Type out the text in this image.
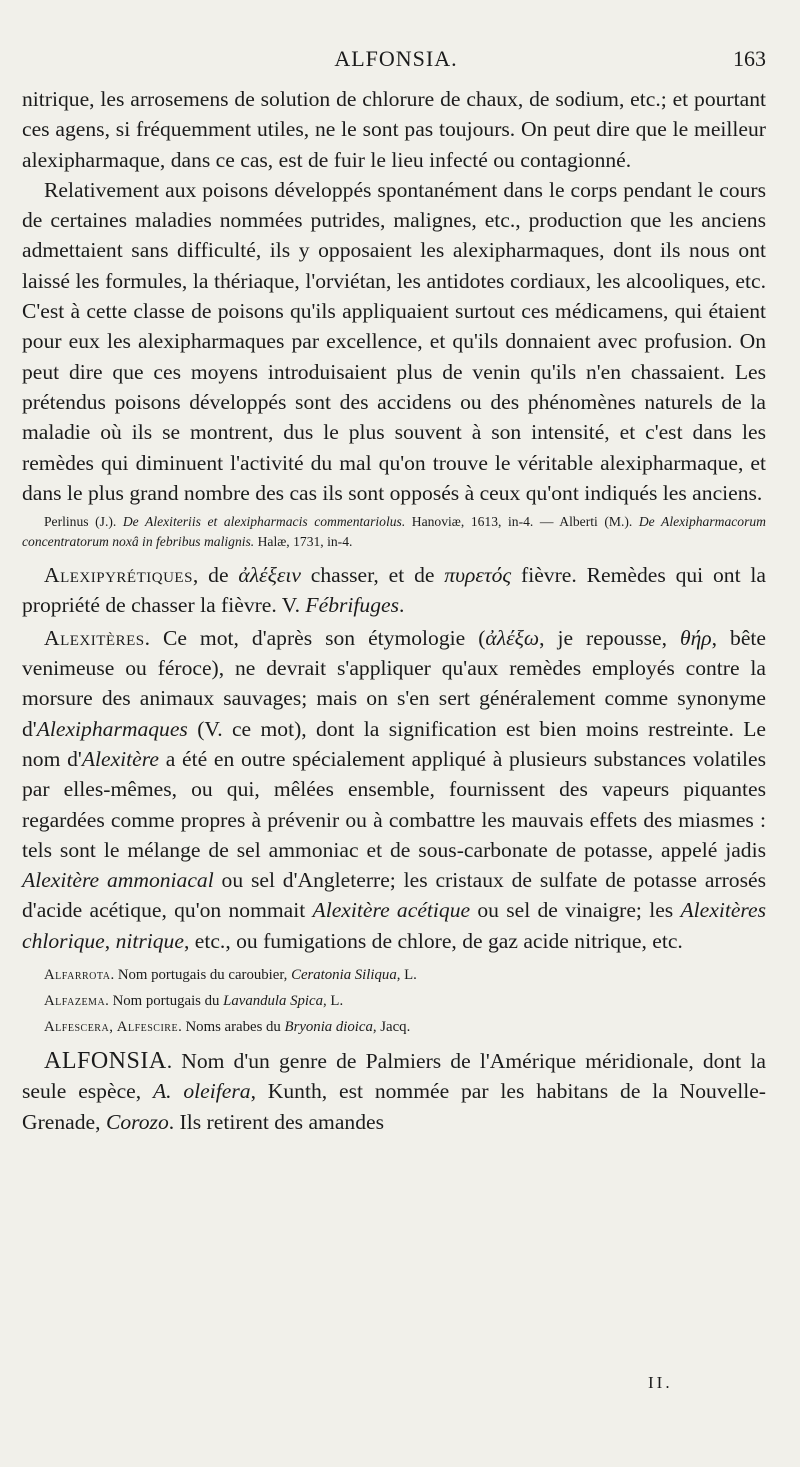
ALFONSIA.	163

nitrique, les arrosemens de solution de chlorure de chaux, de sodium, etc.; et pourtant ces agens, si fréquemment utiles, ne le sont pas toujours. On peut dire que le meilleur alexipharmaque, dans ce cas, est de fuir le lieu infecté ou contagionné.

Relativement aux poisons développés spontanément dans le corps pendant le cours de certaines maladies nommées putrides, malignes, etc., production que les anciens admettaient sans difficulté, ils y opposaient les alexipharmaques, dont ils nous ont laissé les formules, la thériaque, l'orviétan, les antidotes cordiaux, les alcooliques, etc. C'est à cette classe de poisons qu'ils appliquaient surtout ces médicamens, qui étaient pour eux les alexipharmaques par excellence, et qu'ils donnaient avec profusion. On peut dire que ces moyens introduisaient plus de venin qu'ils n'en chassaient. Les prétendus poisons développés sont des accidens ou des phénomènes naturels de la maladie où ils se montrent, dus le plus souvent à son intensité, et c'est dans les remèdes qui diminuent l'activité du mal qu'on trouve le véritable alexipharmaque, et dans le plus grand nombre des cas ils sont opposés à ceux qu'ont indiqués les anciens.

Perlinus (J.). De Alexiteriis et alexipharmacis commentariolus. Hanoviæ, 1613, in-4. — Alberti (M.). De Alexipharmacorum concentratorum noxâ in febribus malignis. Halæ, 1731, in-4.

Alexipyrétiques, de ἀλέξειν chasser, et de πυρετός fièvre. Remèdes qui ont la propriété de chasser la fièvre. V. Fébrifuges.

Alexitères. Ce mot, d'après son étymologie (ἀλέξω, je repousse, θήρ, bête venimeuse ou féroce), ne devrait s'appliquer qu'aux remèdes employés contre la morsure des animaux sauvages; mais on s'en sert généralement comme synonyme d'Alexipharmaques (V. ce mot), dont la signification est bien moins restreinte. Le nom d'Alexitère a été en outre spécialement appliqué à plusieurs substances volatiles par elles-mêmes, ou qui, mêlées ensemble, fournissent des vapeurs piquantes regardées comme propres à prévenir ou à combattre les mauvais effets des miasmes : tels sont le mélange de sel ammoniac et de sous-carbonate de potasse, appelé jadis Alexitère ammoniacal ou sel d'Angleterre; les cristaux de sulfate de potasse arrosés d'acide acétique, qu'on nommait Alexitère acétique ou sel de vinaigre; les Alexitères chlorique, nitrique, etc., ou fumigations de chlore, de gaz acide nitrique, etc.

Alfarrota. Nom portugais du caroubier, Ceratonia Siliqua, L.

Alfazema. Nom portugais du Lavandula Spica, L.

Alfescera, Alfescire. Noms arabes du Bryonia dioica, Jacq.

ALFONSIA. Nom d'un genre de Palmiers de l'Amérique méridionale, dont la seule espèce, A. oleifera, Kunth, est nommée par les habitans de la Nouvelle-Grenade, Corozo. Ils retirent des amandes

II.
